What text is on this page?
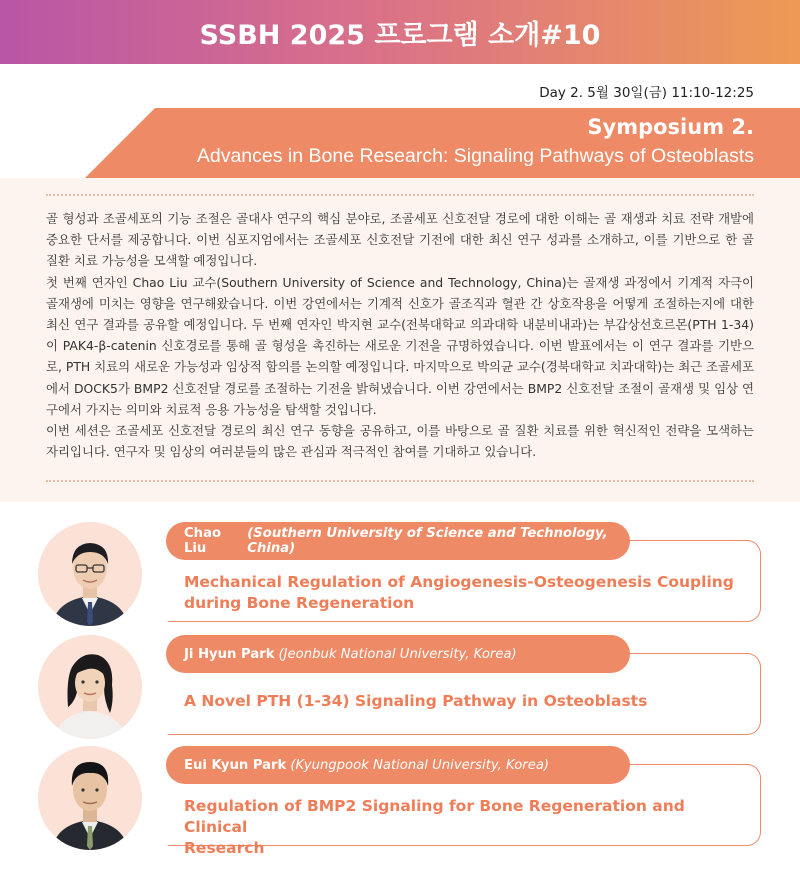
SSBH 2025 프로그램 소개#10
Day 2. 5월 30일(금) 11:10-12:25
Symposium 2.
Advances in Bone Research: Signaling Pathways of Osteoblasts

골 형성과 조골세포의 기능 조절은 골대사 연구의 핵심 분야로, 조골세포 신호전달 경로에 대한 이해는 골 재생과 치료 전략 개발에 중요한 단서를 제공합니다. 이번 심포지엄에서는 조골세포 신호전달 기전에 대한 최신 연구 성과를 소개하고, 이를 기반으로 한 골 질환 치료 가능성을 모색할 예정입니다.

첫 번째 연자인 Chao Liu 교수(Southern University of Science and Technology, China)는 골재생 과정에서 기계적 자극이 골재생에 미치는 영향을 연구해왔습니다. 이번 강연에서는 기계적 신호가 골조직과 혈관 간 상호작용을 어떻게 조절하는지에 대한 최신 연구 결과를 공유할 예정입니다. 두 번째 연자인 박지현 교수(전북대학교 의과대학 내분비내과)는 부갑상선호르몬(PTH 1-34)이 PAK4-β-catenin 신호경로를 통해 골 형성을 촉진하는 새로운 기전을 규명하였습니다. 이번 발표에서는 이 연구 결과를 기반으로, PTH 치료의 새로운 가능성과 임상적 함의를 논의할 예정입니다. 마지막으로 박의균 교수(경북대학교 치과대학)는 최근 조골세포에서 DOCK5가 BMP2 신호전달 경로를 조절하는 기전을 밝혀냈습니다. 이번 강연에서는 BMP2 신호전달 조절이 골재생 및 임상 연구에서 가지는 의미와 치료적 응용 가능성을 탐색할 것입니다.

이번 세션은 조골세포 신호전달 경로의 최신 연구 동향을 공유하고, 이를 바탕으로 골 질환 치료를 위한 혁신적인 전략을 모색하는 자리입니다. 연구자 및 임상의 여러분들의 많은 관심과 적극적인 참여를 기대하고 있습니다.

Chao Liu
(Southern University of Science and Technology, China)
Mechanical Regulation of Angiogenesis-Osteogenesis Coupling
during Bone Regeneration
Ji Hyun Park (Jeonbuk National University, Korea)
A Novel PTH (1-34) Signaling Pathway in Osteoblasts
Eui Kyun Park (Kyungpook National University, Korea)
Regulation of BMP2 Signaling for Bone Regeneration and Clinical
Research
